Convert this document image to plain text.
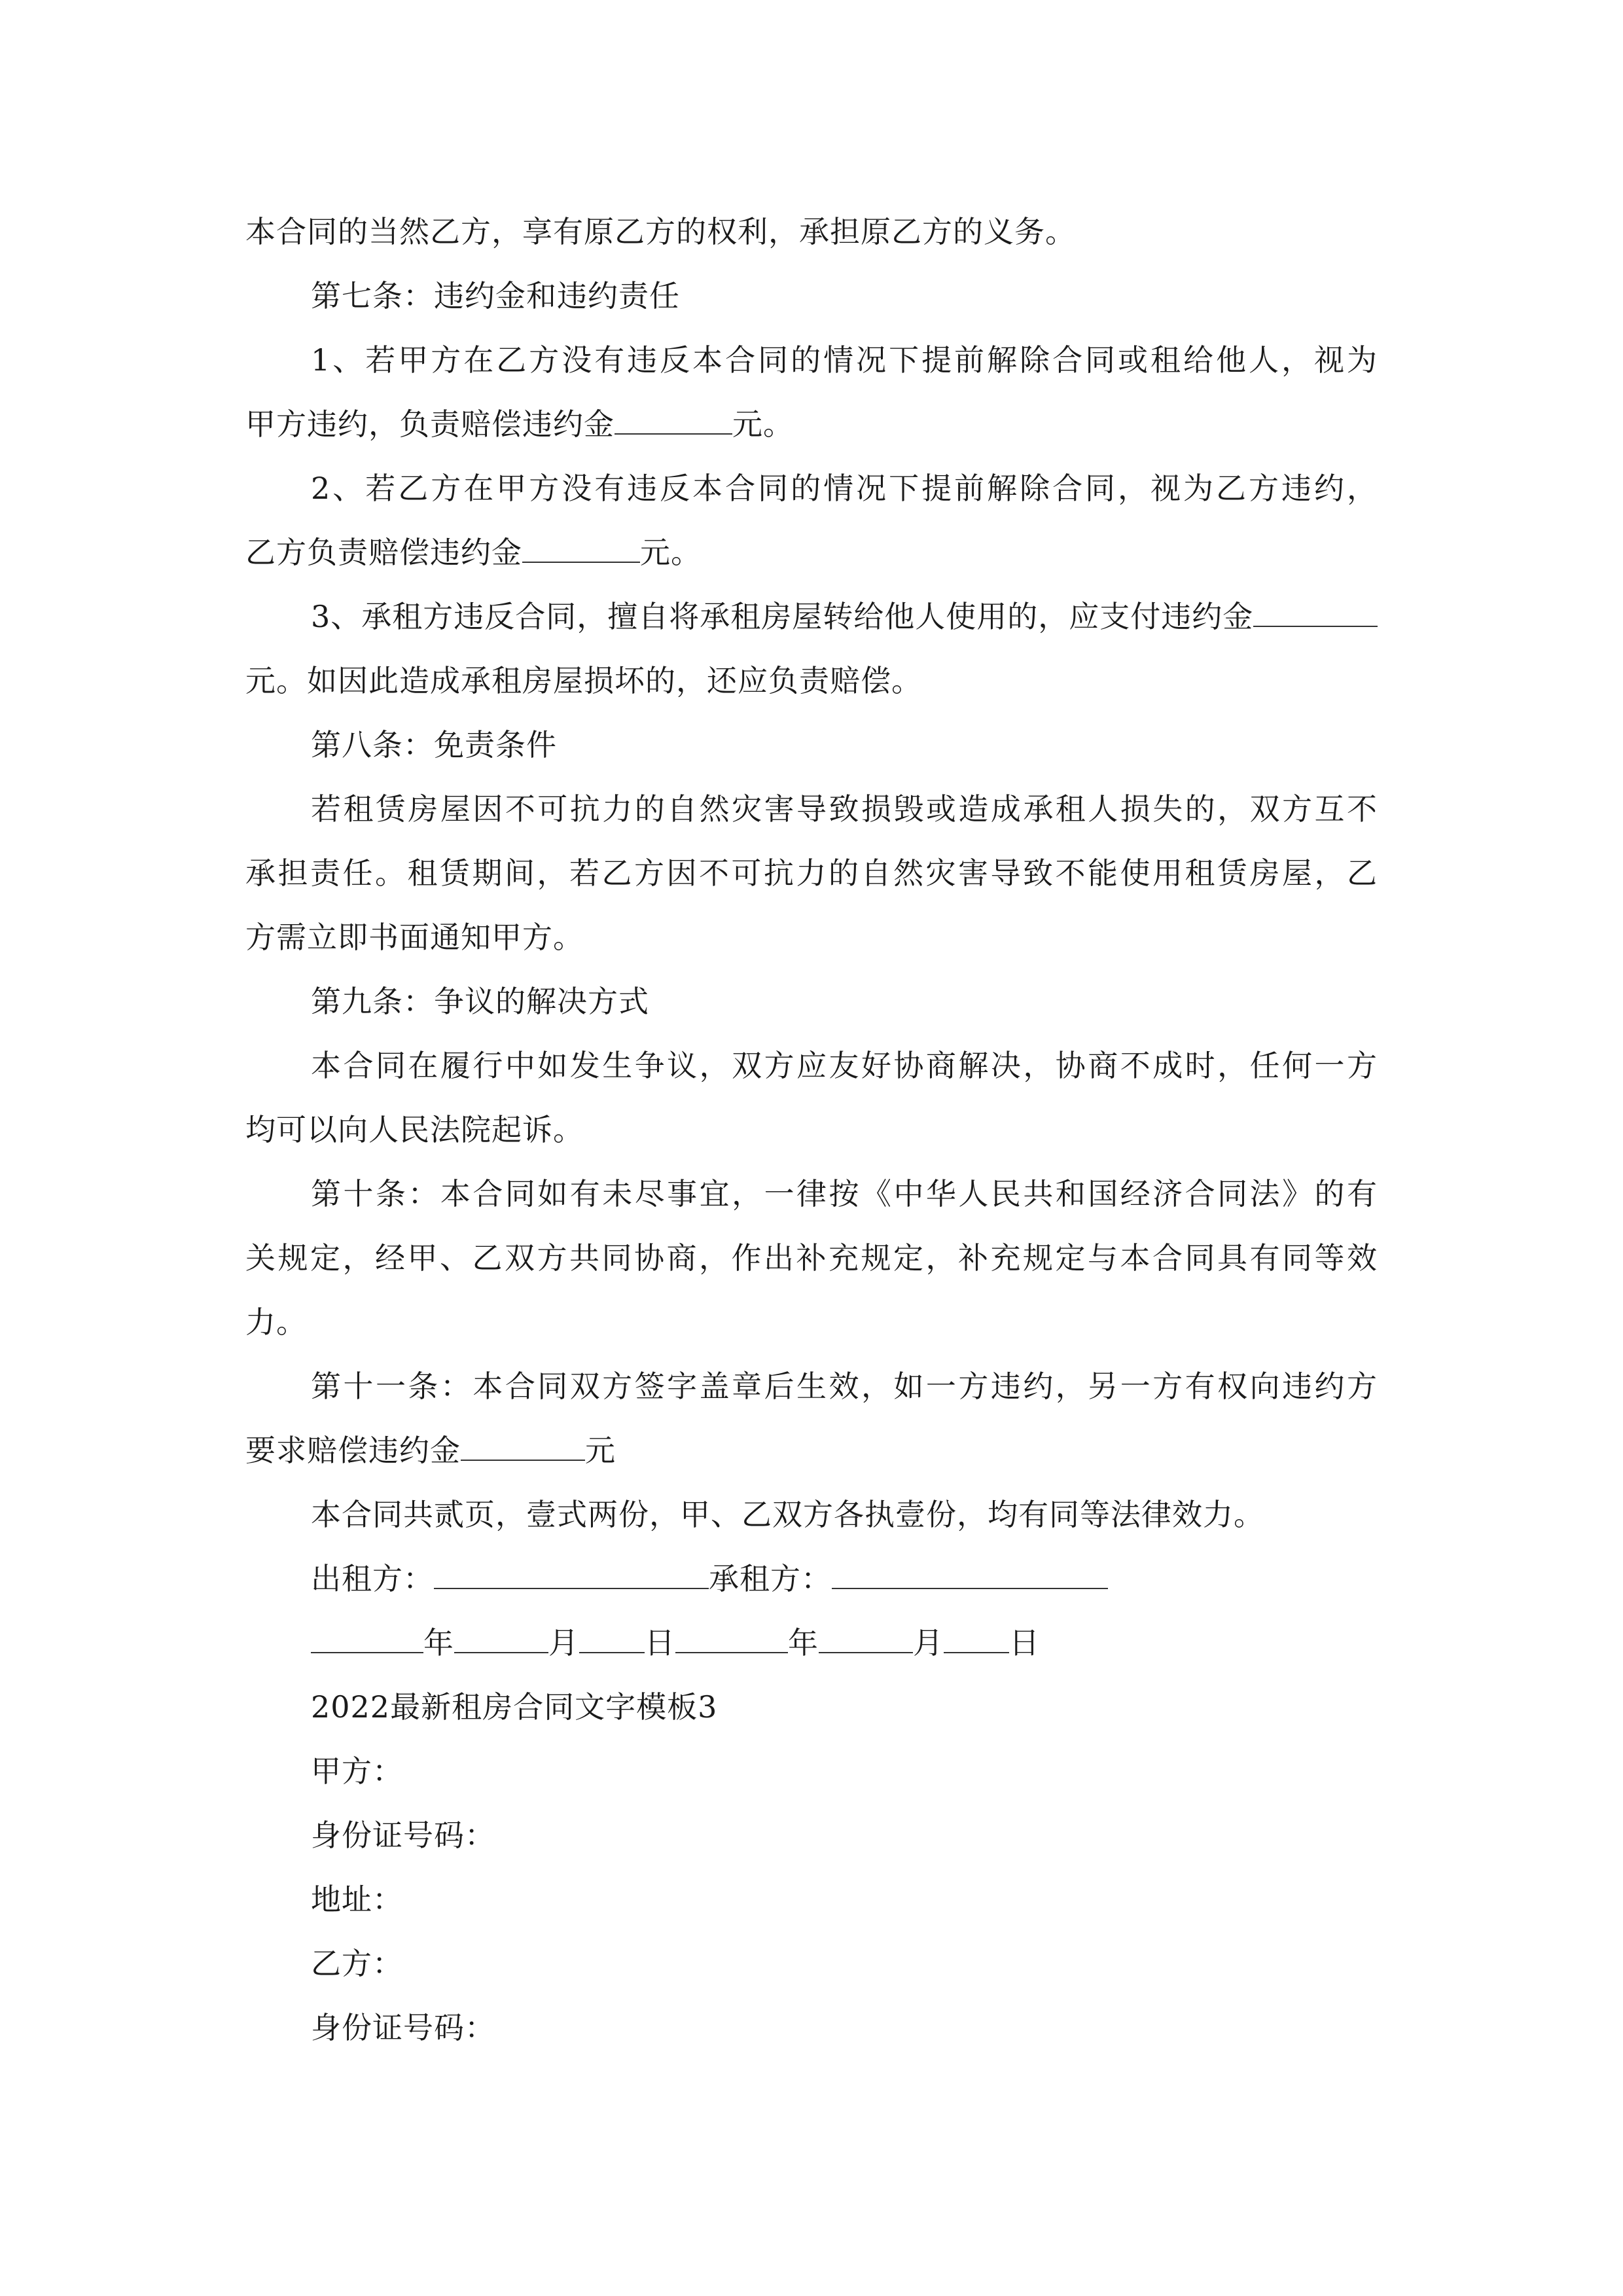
本合同的当然乙方，享有原乙方的权利，承担原乙方的义务。
第七条：违约金和违约责任
1、若甲方在乙方没有违反本合同的情况下提前解除合同或租给他人，视为
甲方违约，负责赔偿违约金	元。
2、若乙方在甲方没有违反本合同的情况下提前解除合同，视为乙方违约，
乙方负责赔偿违约金	元。
3、承租方违反合同，擅自将承租房屋转给他人使用的，应支付违约金
元。如因此造成承租房屋损坏的，还应负责赔偿。
第八条：免责条件
若租赁房屋因不可抗力的自然灾害导致损毁或造成承租人损失的，双方互不
承担责任。租赁期间，若乙方因不可抗力的自然灾害导致不能使用租赁房屋，乙
方需立即书面通知甲方。
第九条：争议的解决方式
本合同在履行中如发生争议，双方应友好协商解决，协商不成时，任何一方
均可以向人民法院起诉。
第十条：本合同如有未尽事宜，一律按《中华人民共和国经济合同法》的有
关规定，经甲、乙双方共同协商，作出补充规定，补充规定与本合同具有同等效
力。
第十一条：本合同双方签字盖章后生效，如一方违约，另一方有权向违约方
要求赔偿违约金	元
本合同共贰页，壹式两份，甲、乙双方各执壹份，均有同等法律效力。
出租方：	承租方：
年	月 日	年	月 日
2022最新租房合同文字模板3
甲方：
身份证号码：
地址：
乙方：
身份证号码：
